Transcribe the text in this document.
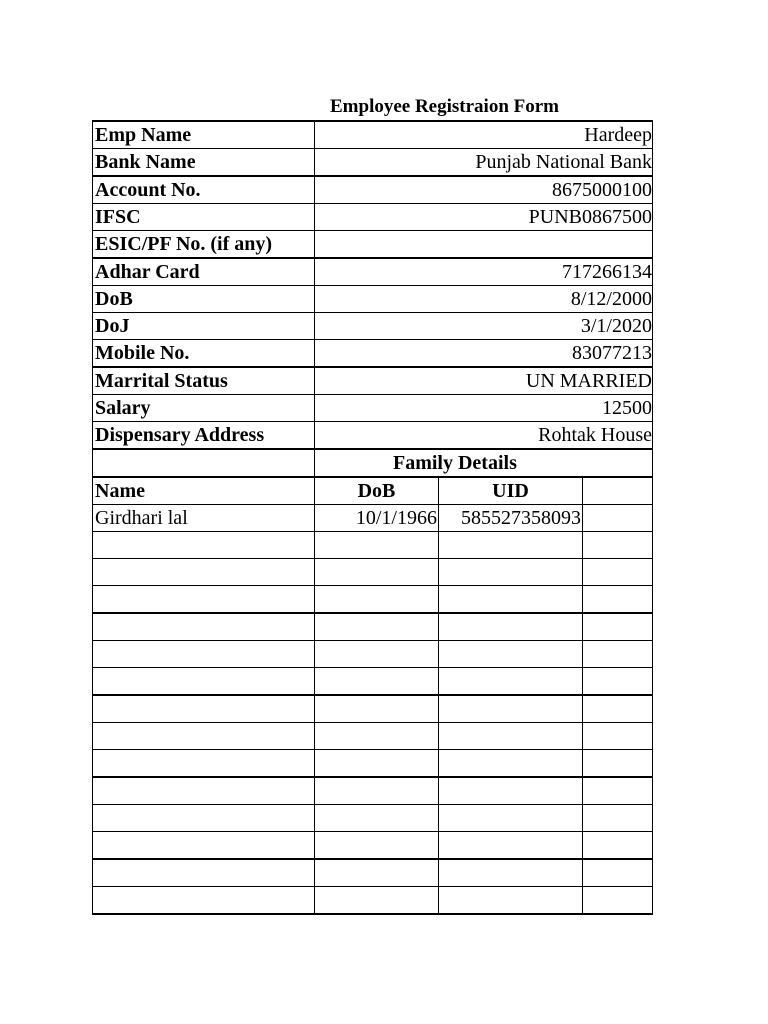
Employee Registraion Form
Emp Name	Hardeep		
Bank Name	Punjab National Bank		
Account No.	8675000100		
IFSC	PUNB0867500		
ESIC/PF No. (if any)			
Adhar Card	717266134		
DoB	8/12/2000		
DoJ	3/1/2020		
Mobile No.	83077213		
Marrital Status	UN MARRIED		
Salary	12500		
Dispensary Address	Rohtak House		
	Family Details		
Name	DoB	UID	
Girdhari lal	10/1/1966	585527358093	
